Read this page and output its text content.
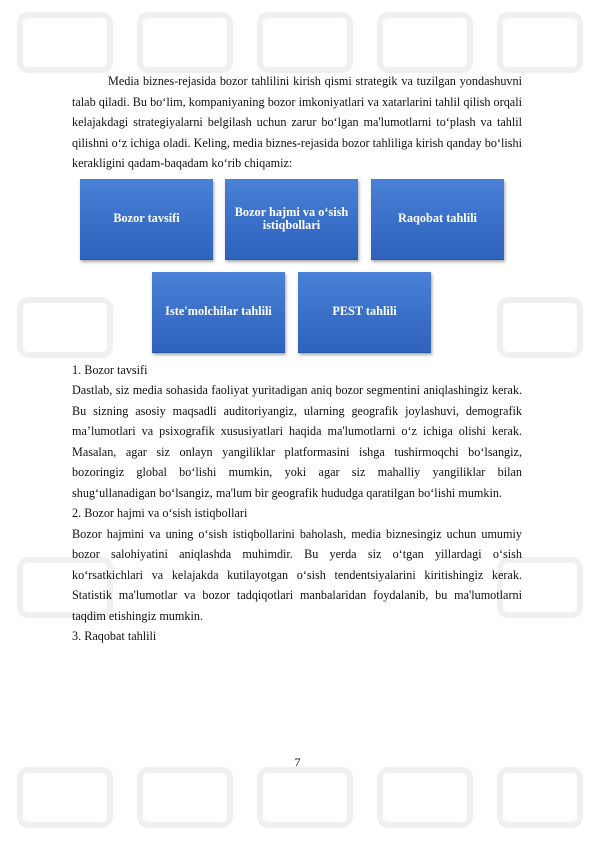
Media biznes-rejasida bozor tahlilini kirish qismi strategik va tuzilgan yondashuvni talab qiladi. Bu bo‘lim, kompaniyaning bozor imkoniyatlari va xatarlarini tahlil qilish orqali kelajakdagi strategiyalarni belgilash uchun zarur bo‘lgan ma'lumotlarni to‘plash va tahlil qilishni o‘z ichiga oladi. Keling, media biznes-rejasida bozor tahliliga kirish qanday bo‘lishi kerakligini qadam-baqadam ko‘rib chiqamiz:

Bozor tavsifi	Bozor hajmi va o‘sish istiqbollari	Raqobat tahlili
Iste'molchilar tahlili	PEST tahlili

1. Bozor tavsifi

Dastlab, siz media sohasida faoliyat yuritadigan aniq bozor segmentini aniqlashingiz kerak. Bu sizning asosiy maqsadli auditoriyangiz, ularning geografik joylashuvi, demografik ma’lumotlari va psixografik xususiyatlari haqida ma'lumotlarni o‘z ichiga olishi kerak. Masalan, agar siz onlayn yangiliklar platformasini ishga tushirmoqchi bo‘lsangiz, bozoringiz global bo‘lishi mumkin, yoki agar siz mahalliy yangiliklar bilan shug‘ullanadigan bo‘lsangiz, ma'lum bir geografik hududga qaratilgan bo‘lishi mumkin.

2. Bozor hajmi va o‘sish istiqbollari

Bozor hajmini va uning o‘sish istiqbollarini baholash, media biznesingiz uchun umumiy bozor salohiyatini aniqlashda muhimdir. Bu yerda siz o‘tgan yillardagi o‘sish ko‘rsatkichlari va kelajakda kutilayotgan o‘sish tendentsiyalarini kiritishingiz kerak. Statistik ma'lumotlar va bozor tadqiqotlari manbalaridan foydalanib, bu ma'lumotlarni taqdim etishingiz mumkin.

3. Raqobat tahlili

7
